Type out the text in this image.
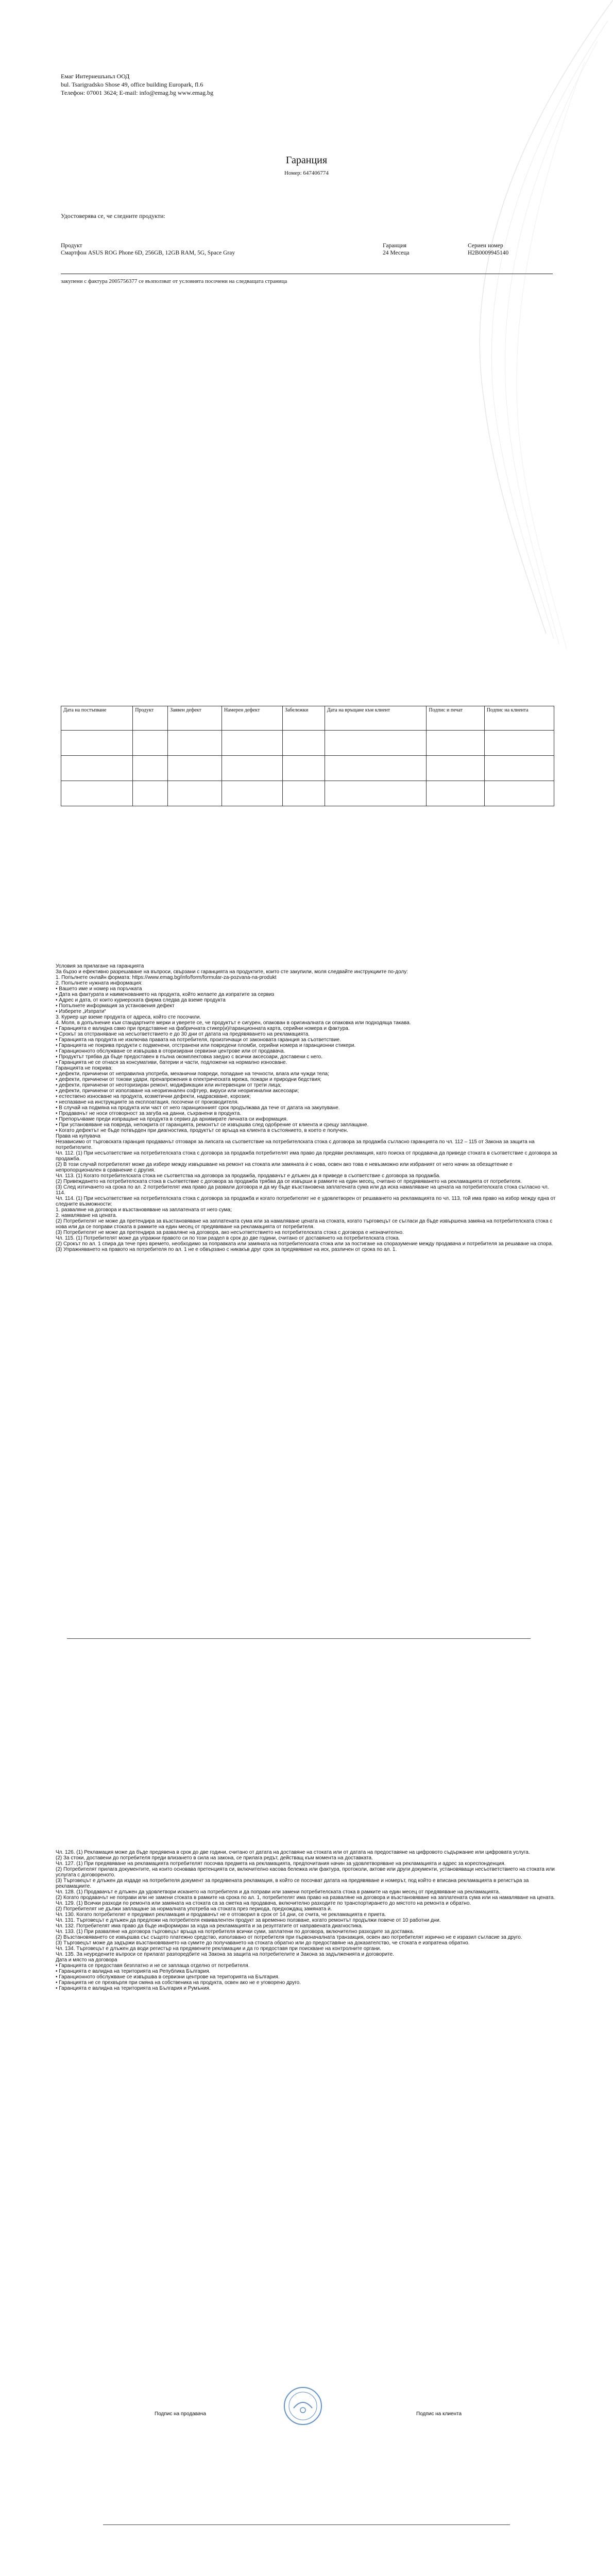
Емаг Интернешънъл ООД
bul. Tsarigradsko Shose 49, office building Europark, fl.6
Телефон: 07001 3624; E-mail: info@emag.bg www.emag.bg
Гаранция
Номер: 647406774
Удостоверява се, че следните продукти:
Продукт	Гаранция	Сериен номер
Смартфон ASUS ROG Phone 6D, 256GB, 12GB RAM, 5G, Space Gray	24 Месеца	H2B0009945140
закупени с фактура 2005756377 се възползват от условията посочени на следващата страница
Дата на постъпване	Продукт	Заявен дефект	Намерен дефект	Забележки	Дата на връщане към клиент	Подпис и печат	Подпис на клиента

Условия за прилагане на гаранцията

За бързо и ефективно разрешаване на въпроси, свързани с гаранцията на продуктите, които сте закупили, моля следвайте инструкциите по-долу:

1. Попълнете онлайн формата: https://www.emag.bg/info/form/formular-za-pozvana-na-produkt

2. Попълнете нужната информация:

• Вашето име и номер на поръчката

• Дата на фактурата и наименованието на продукта, който желаете да изпратите за сервиз

• Адрес и дата, от които куриерската фирма следва да вземе продукта

• Попълнете информация за установения дефект

• Изберете „Изпрати“

3. Куриер ще вземе продукта от адреса, който сте посочили.

4. Моля, в допълнение към стандартните мерки и уверете се, че продуктът е сигурен, опакован в оригиналната си опаковка или подходяща такава.

• Гаранцията е валидна само при представяне на фабричната стикер(и)/гаранционната карта, серийни номера и фактура.

• Срокът за отстраняване на несъответствието е до 30 дни от датата на предявяването на рекламацията.

• Гаранцията на продукта не изключва правата на потребителя, произтичащи от законовата гаранция за съответствие.

• Гаранцията не покрива продукти с подменени, отстранени или повредени пломби, серийни номера и гаранционни стикери.

• Гаранционното обслужване се извършва в оторизирани сервизни центрове или от продавача.

• Продуктът трябва да бъде предоставен в пълна окомплектовка заедно с всички аксесоари, доставени с него.

• Гаранцията не се отнася за консумативи, батерии и части, подложени на нормално износване.

Гаранцията не покрива:

• дефекти, причинени от неправилна употреба, механични повреди, попадане на течности, влага или чужди тела;

• дефекти, причинени от токови удари, пренапрежения в електрическата мрежа, пожари и природни бедствия;

• дефекти, причинени от неоторизиран ремонт, модификации или интервенции от трети лица;

• дефекти, причинени от използване на неоригинален софтуер, вируси или неоригинални аксесоари;

• естествено износване на продукта, козметични дефекти, надраскване, корозия;

• неспазване на инструкциите за експлоатация, посочени от производителя.

• В случай на подмяна на продукта или част от него гаранционният срок продължава да тече от датата на закупуване.

• Продавачът не носи отговорност за загуба на данни, съхранени в продукта.

• Препоръчваме преди изпращане на продукта в сервиз да архивирате личната си информация.

• При установяване на повреда, непокрита от гаранцията, ремонтът се извършва след одобрение от клиента и срещу заплащане.

• Когато дефектът не бъде потвърден при диагностика, продуктът се връща на клиента в състоянието, в което е получен.

Права на купувача

Независимо от търговската гаранция продавачът отговаря за липсата на съответствие на потребителската стока с договора за продажба съгласно гаранцията по чл. 112 – 115 от Закона за защита на потребителите.

Чл. 112. (1) При несъответствие на потребителската стока с договора за продажба потребителят има право да предяви рекламация, като поиска от продавача да приведе стоката в съответствие с договора за продажба.

(2) В този случай потребителят може да избере между извършване на ремонт на стоката или замяната ѝ с нова, освен ако това е невъзможно или избраният от него начин за обезщетение е непропорционален в сравнение с другия.

Чл. 113. (1) Когато потребителската стока не съответства на договора за продажба, продавачът е длъжен да я приведе в съответствие с договора за продажба.

(2) Привеждането на потребителската стока в съответствие с договора за продажба трябва да се извърши в рамките на един месец, считано от предявяването на рекламацията от потребителя.

(3) След изтичането на срока по ал. 2 потребителят има право да развали договора и да му бъде възстановена заплатената сума или да иска намаляване на цената на потребителската стока съгласно чл. 114.

Чл. 114. (1) При несъответствие на потребителската стока с договора за продажба и когато потребителят не е удовлетворен от решаването на рекламацията по чл. 113, той има право на избор между една от следните възможности:

1. разваляне на договора и възстановяване на заплатената от него сума;

2. намаляване на цената.

(2) Потребителят не може да претендира за възстановяване на заплатената сума или за намаляване цената на стоката, когато търговецът се съгласи да бъде извършена замяна на потребителската стока с нова или да се поправи стоката в рамките на един месец от предявяване на рекламацията от потребителя.

(3) Потребителят не може да претендира за разваляне на договора, ако несъответствието на потребителската стока с договора е незначително.

Чл. 115. (1) Потребителят може да упражни правото си по този раздел в срок до две години, считано от доставянето на потребителската стока.

(2) Срокът по ал. 1 спира да тече през времето, необходимо за поправката или замяната на потребителската стока или за постигане на споразумение между продавача и потребителя за решаване на спора.

(3) Упражняването на правото на потребителя по ал. 1 не е обвързано с никакъв друг срок за предявяване на иск, различен от срока по ал. 1.

Чл. 126. (1) Рекламация може да бъде предявена в срок до две години, считано от датата на доставяне на стоката или от датата на предоставяне на цифровото съдържание или цифровата услуга.

(2) За стоки, доставени до потребителя преди влизането в сила на закона, се прилага редът, действащ към момента на доставката.

Чл. 127. (1) При предявяване на рекламацията потребителят посочва предмета на рекламацията, предпочитания начин за удовлетворяване на рекламацията и адрес за кореспонденция.

(2) Потребителят прилага документите, на които основава претенцията си, включително касова бележка или фактура, протоколи, актове или други документи, установяващи несъответствието на стоката или услугата с договореното.

(3) Търговецът е длъжен да издаде на потребителя документ за предявената рекламация, в който се посочват датата на предявяване и номерът, под който е вписана рекламацията в регистъра за рекламациите.

Чл. 128. (1) Продавачът е длъжен да удовлетвори искането на потребителя и да поправи или замени потребителската стока в рамките на един месец от предявяване на рекламацията.

(2) Когато продавачът не поправи или не замени стоката в рамките на срока по ал. 1, потребителят има право на разваляне на договора и възстановяване на заплатената сума или на намаляване на цената.

Чл. 129. (1) Всички разходи по ремонта или замяната на стоката са за сметка на продавача, включително разходите по транспортирането до мястото на ремонта и обратно.

(2) Потребителят не дължи заплащане за нормалната употреба на стоката през периода, предхождащ замяната ѝ.

Чл. 130. Когато потребителят е предявил рекламация и продавачът не е отговорил в срок от 14 дни, се счита, че рекламацията е приета.

Чл. 131. Търговецът е длъжен да предложи на потребителя еквивалентен продукт за временно ползване, когато ремонтът продължи повече от 10 работни дни.

Чл. 132. Потребителят има право да бъде информиран за хода на рекламацията и за резултатите от направената диагностика.

Чл. 133. (1) При разваляне на договора търговецът връща на потребителя всички суми, заплатени по договора, включително разходите за доставка.

(2) Възстановяването се извършва със същото платежно средство, използвано от потребителя при първоначалната транзакция, освен ако потребителят изрично не е изразил съгласие за друго.

(3) Търговецът може да задържи възстановяването на сумите до получаването на стоката обратно или до предоставяне на доказателство, че стоката е изпратена обратно.

Чл. 134. Търговецът е длъжен да води регистър на предявените рекламации и да го предоставя при поискване на контролните органи.

Чл. 135. За неуредените въпроси се прилагат разпоредбите на Закона за защита на потребителите и Закона за задълженията и договорите.

Дата и място на договора

• Гаранцията се предоставя безплатно и не се заплаща отделно от потребителя.

• Гаранцията е валидна на територията на Република България.

• Гаранционното обслужване се извършва в сервизни центрове на територията на България.

• Гаранцията не се прехвърля при смяна на собственика на продукта, освен ако не е уговорено друго.

• Гаранцията е валидна на територията на България и Румъния.

Подпис на продавача	Подпис на клиента
